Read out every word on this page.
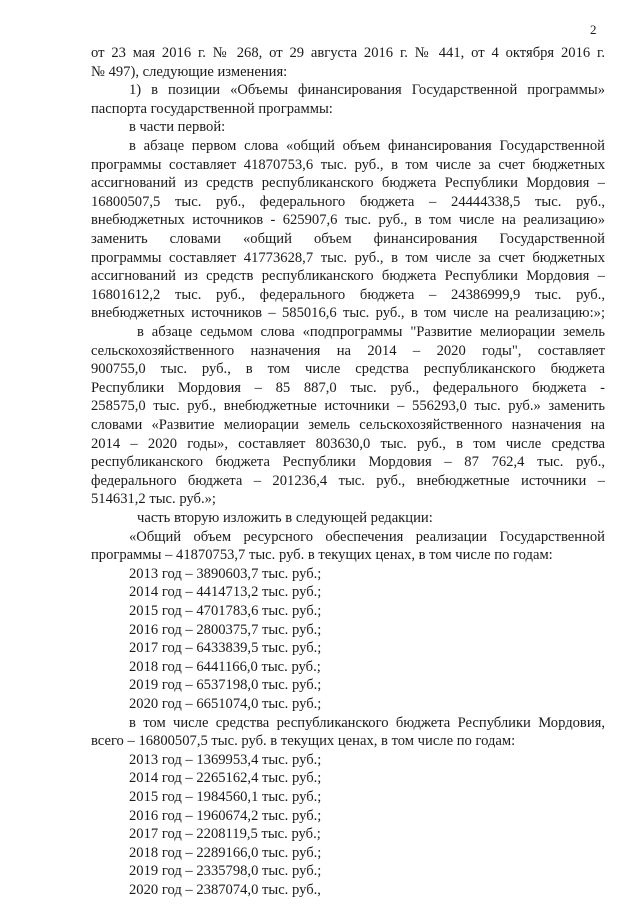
2
от 23 мая 2016 г. № 268, от 29 августа 2016 г. № 441, от 4 октября 2016 г.
№ 497), следующие изменения:
1) в позиции «Объемы финансирования Государственной программы»
паспорта государственной программы:
в части первой:
в абзаце первом слова «общий объем финансирования Государственной
программы составляет 41870753,6 тыс. руб., в том числе за счет бюджетных
ассигнований из средств республиканского бюджета Республики Мордовия –
16800507,5 тыс. руб., федерального бюджета – 24444338,5 тыс. руб.,
внебюджетных источников - 625907,6 тыс. руб., в том числе на реализацию»
заменить словами «общий объем финансирования Государственной
программы составляет 41773628,7 тыс. руб., в том числе за счет бюджетных
ассигнований из средств республиканского бюджета Республики Мордовия –
16801612,2 тыс. руб., федерального бюджета – 24386999,9 тыс. руб.,
внебюджетных источников – 585016,6 тыс. руб., в том числе на реализацию:»;
в абзаце седьмом слова «подпрограммы "Развитие мелиорации земель
сельскохозяйственного назначения на 2014 – 2020 годы", составляет
900755,0 тыс. руб., в том числе средства республиканского бюджета
Республики Мордовия – 85 887,0 тыс. руб., федерального бюджета -
258575,0 тыс. руб., внебюджетные источники – 556293,0 тыс. руб.» заменить
словами «Развитие мелиорации земель сельскохозяйственного назначения на
2014 – 2020 годы», составляет 803630,0 тыс. руб., в том числе средства
республиканского бюджета Республики Мордовия – 87 762,4 тыс. руб.,
федерального бюджета – 201236,4 тыс. руб., внебюджетные источники –
514631,2 тыс. руб.»;
часть вторую изложить в следующей редакции:
«Общий объем ресурсного обеспечения реализации Государственной
программы – 41870753,7 тыс. руб. в текущих ценах, в том числе по годам:
2013 год – 3890603,7 тыс. руб.;
2014 год – 4414713,2 тыс. руб.;
2015 год – 4701783,6 тыс. руб.;
2016 год – 2800375,7 тыс. руб.;
2017 год – 6433839,5 тыс. руб.;
2018 год – 6441166,0 тыс. руб.;
2019 год – 6537198,0 тыс. руб.;
2020 год – 6651074,0 тыс. руб.;
в том числе средства республиканского бюджета Республики Мордовия,
всего – 16800507,5 тыс. руб. в текущих ценах, в том числе по годам:
2013 год – 1369953,4 тыс. руб.;
2014 год – 2265162,4 тыс. руб.;
2015 год – 1984560,1 тыс. руб.;
2016 год – 1960674,2 тыс. руб.;
2017 год – 2208119,5 тыс. руб.;
2018 год – 2289166,0 тыс. руб.;
2019 год – 2335798,0 тыс. руб.;
2020 год – 2387074,0 тыс. руб.,
